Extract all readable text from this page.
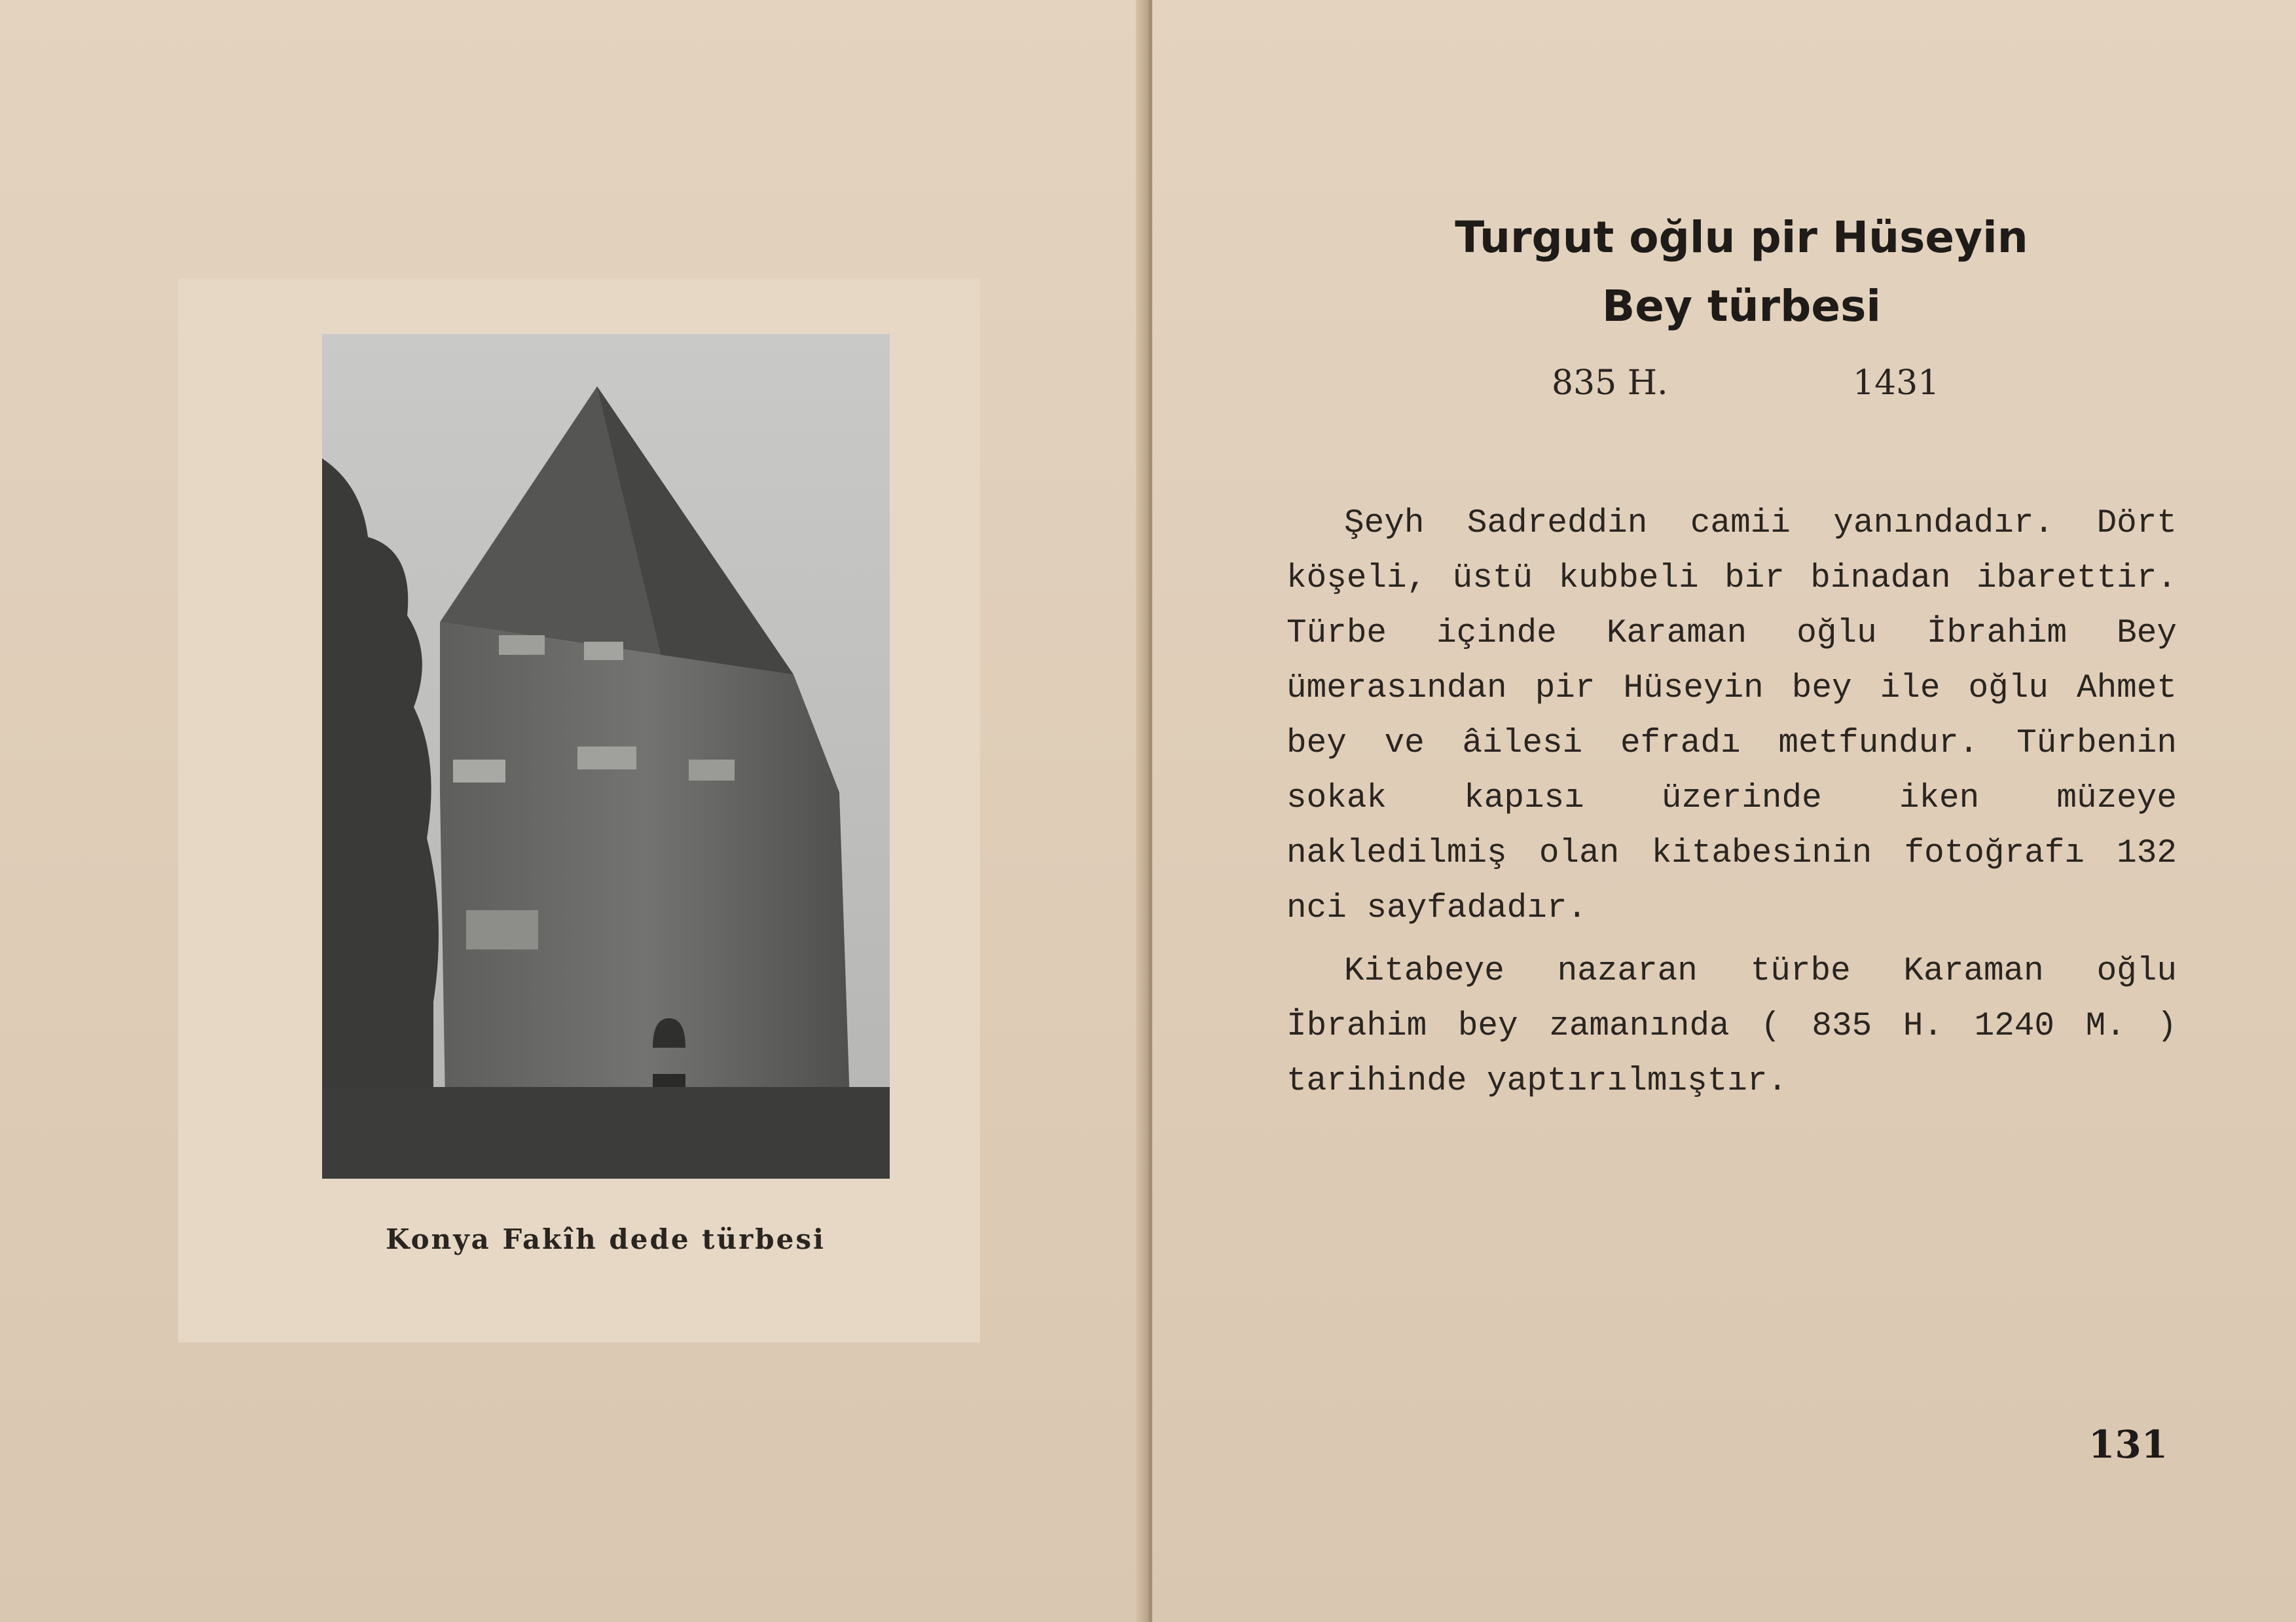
Konya Fakîh dede türbesi
Turgut oğlu pir Hüseyin
Bey türbesi
835 H.	1431

Şeyh Sadreddin camii yanındadır. Dört köşeli, üstü kubbeli bir binadan ibarettir. Türbe içinde Karaman oğlu İbrahim Bey ümerasından pir Hüseyin bey ile oğlu Ahmet bey ve âilesi efradı metfundur. Türbenin sokak kapısı üzerinde iken müzeye nakledilmiş olan kitabesinin fotoğrafı 132 nci sayfadadır.

Kitabeye nazaran türbe Karaman oğlu İbrahim bey zamanında ( 835 H. 1240 M. ) tarihinde yaptırılmıştır.

131
